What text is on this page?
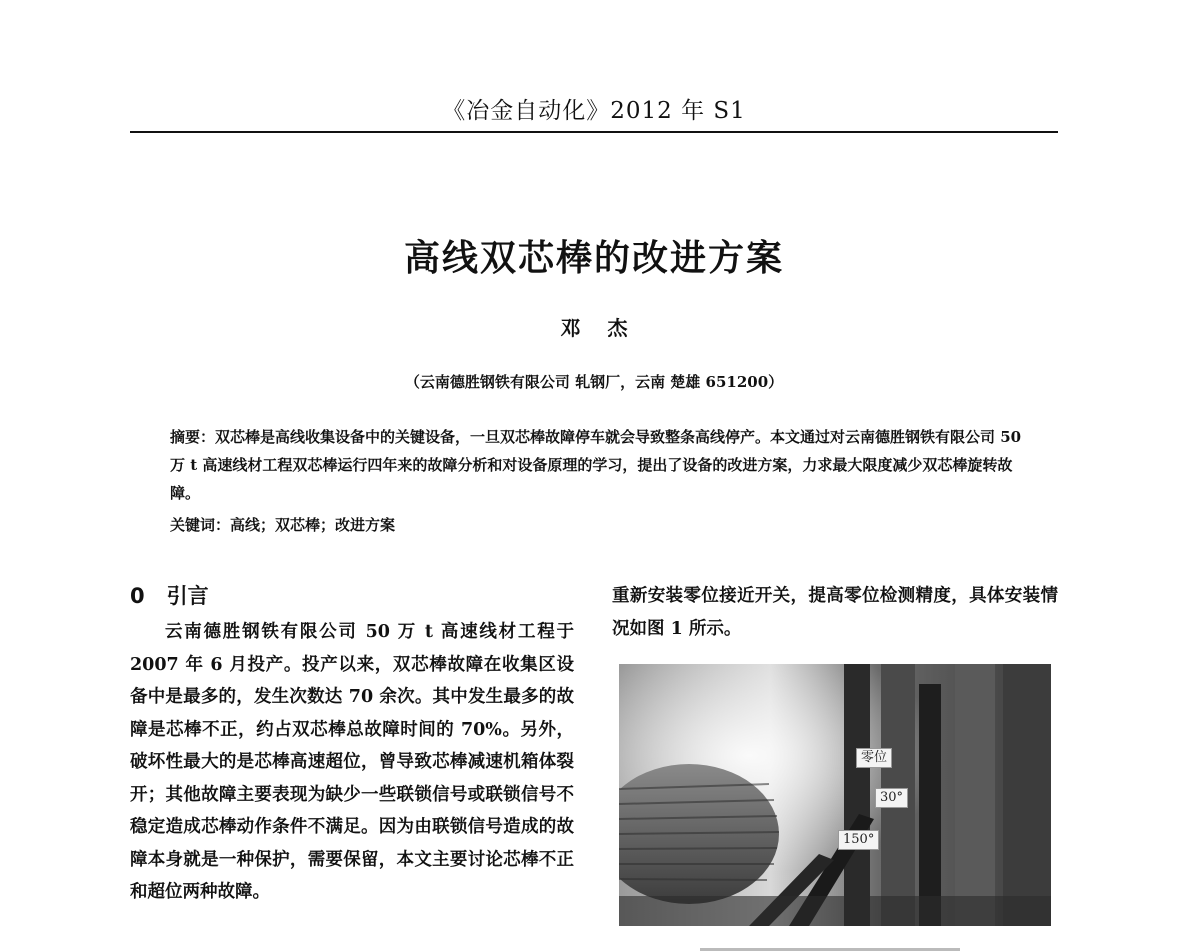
《冶金自动化》2012 年 S1
高线双芯棒的改进方案
邓 杰
（云南德胜钢铁有限公司 轧钢厂，云南 楚雄 651200）
摘要：双芯棒是高线收集设备中的关键设备，一旦双芯棒故障停车就会导致整条高线停产。本文通过对云南德胜钢铁有限公司 50 万 t 高速线材工程双芯棒运行四年来的故障分析和对设备原理的学习，提出了设备的改进方案，力求最大限度减少双芯棒旋转故障。
关键词：高线；双芯棒；改进方案
0 引言
云南德胜钢铁有限公司 50 万 t 高速线材工程于 2007 年 6 月投产。投产以来，双芯棒故障在收集区设备中是最多的，发生次数达 70 余次。其中发生最多的故障是芯棒不正，约占双芯棒总故障时间的 70%。另外，破坏性最大的是芯棒高速超位，曾导致芯棒减速机箱体裂开；其他故障主要表现为缺少一些联锁信号或联锁信号不稳定造成芯棒动作条件不满足。因为由联锁信号造成的故障本身就是一种保护，需要保留，本文主要讨论芯棒不正和超位两种故障。
重新安装零位接近开关，提高零位检测精度，具体安装情况如图 1 所示。
零位
30°
150°
